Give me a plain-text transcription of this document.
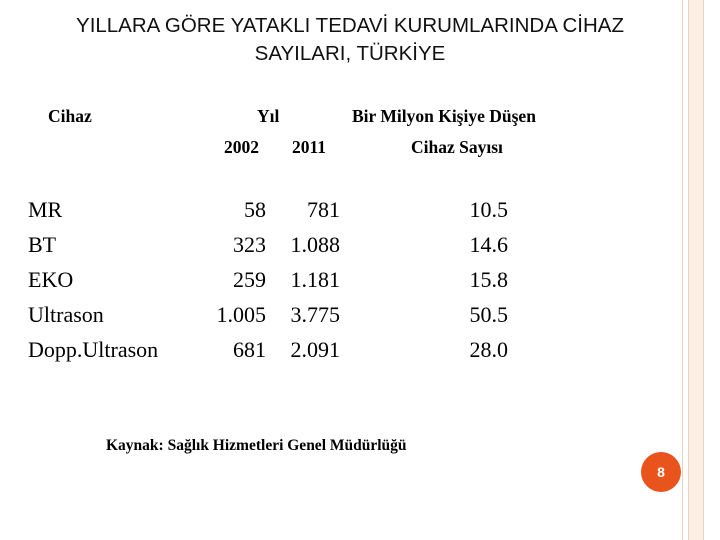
YILLARA GÖRE YATAKLI TEDAVİ KURUMLARINDA CİHAZ
SAYILARI, TÜRKİYE
Cihaz	Yıl	Bir Milyon Kişiye Düşen
2002 2011	Cihaz Sayısı
MR	58 781	10.5
BT	323 1.088	14.6
EKO	259 1.181	15.8
Ultrason	1.005 3.775	50.5
Dopp.Ultrason	681 2.091	28.0
Kaynak: Sağlık Hizmetleri Genel Müdürlüğü
8
